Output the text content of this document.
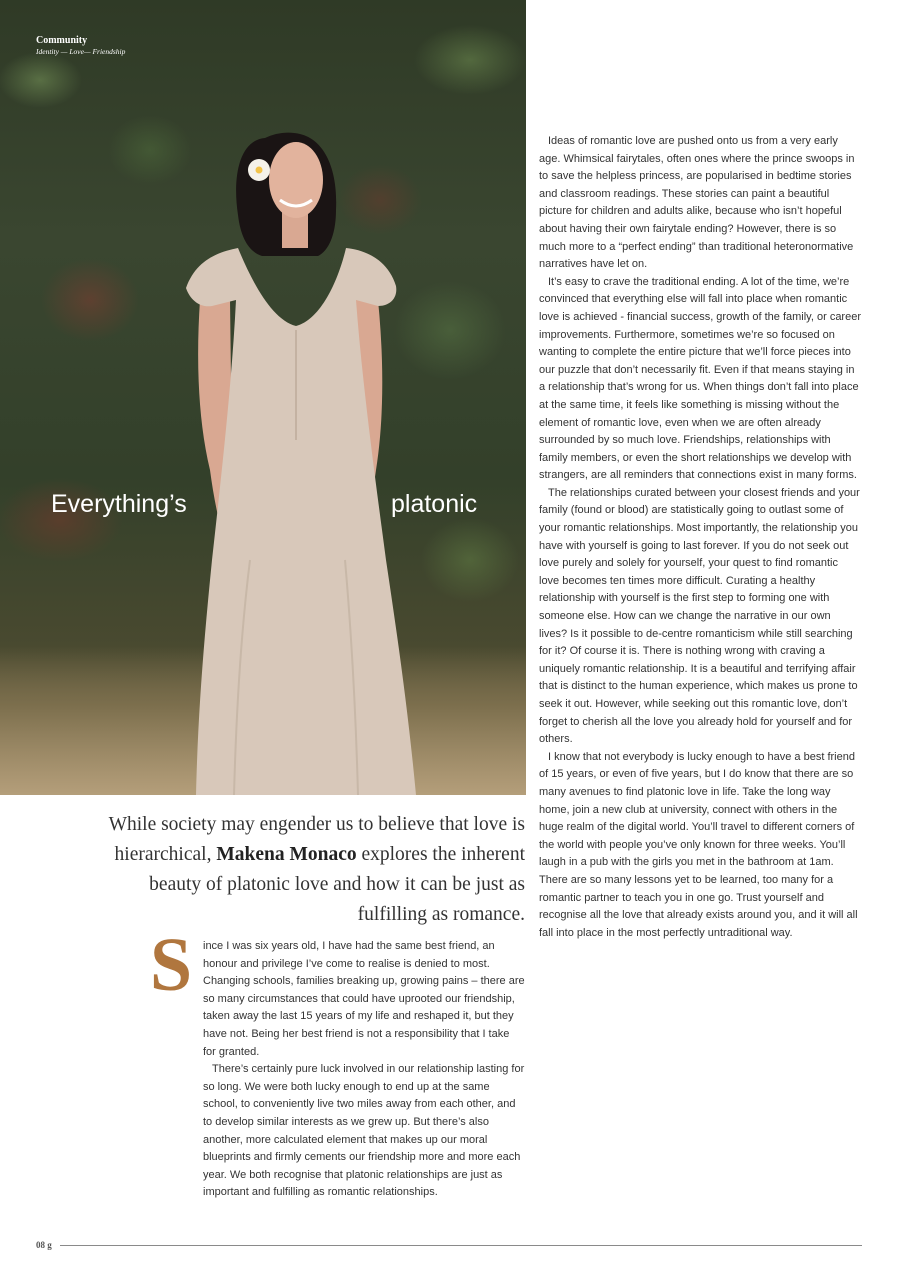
Community
Identity — Love— Friendship
Everything’s	platonic

While society may engender us to believe that love is hierarchical, Makena Monaco explores the inherent beauty of platonic love and how it can be just as fulfilling as romance.

S ince I was six years old, I have had the same best friend, an honour and privilege I’ve come to realise is denied to most. Changing schools, families breaking up, growing pains – there are so many circumstances that could have uprooted our friendship, taken away the last 15 years of my life and reshaped it, but they have not. Being her best friend is not a responsibility that I take for granted.

There’s certainly pure luck involved in our relationship lasting for so long. We were both lucky enough to end up at the same school, to conveniently live two miles away from each other, and to develop similar interests as we grew up. But there’s also another, more calculated element that makes up our moral blueprints and firmly cements our friendship more and more each year. We both recognise that platonic relationships are just as important and fulfilling as romantic relationships.

Ideas of romantic love are pushed onto us from a very early age. Whimsical fairytales, often ones where the prince swoops in to save the helpless princess, are popularised in bedtime stories and classroom readings. These stories can paint a beautiful picture for children and adults alike, because who isn’t hopeful about having their own fairytale ending? However, there is so much more to a “perfect ending” than traditional heteronormative narratives have let on.

It’s easy to crave the traditional ending. A lot of the time, we’re convinced that everything else will fall into place when romantic love is achieved - financial success, growth of the family, or career improvements. Furthermore, sometimes we’re so focused on wanting to complete the entire picture that we’ll force pieces into our puzzle that don’t necessarily fit. Even if that means staying in a relationship that’s wrong for us. When things don’t fall into place at the same time, it feels like something is missing without the element of romantic love, even when we are often already surrounded by so much love. Friendships, relationships with family members, or even the short relationships we develop with strangers, are all reminders that connections exist in many forms.

The relationships curated between your closest friends and your family (found or blood) are statistically going to outlast some of your romantic relationships. Most importantly, the relationship you have with yourself is going to last forever. If you do not seek out love purely and solely for yourself, your quest to find romantic love becomes ten times more difficult. Curating a healthy relationship with yourself is the first step to forming one with someone else. How can we change the narrative in our own lives? Is it possible to de-centre romanticism while still searching for it? Of course it is. There is nothing wrong with craving a uniquely romantic relationship. It is a beautiful and terrifying affair that is distinct to the human experience, which makes us prone to seek it out. However, while seeking out this romantic love, don’t forget to cherish all the love you already hold for yourself and for others.

I know that not everybody is lucky enough to have a best friend of 15 years, or even of five years, but I do know that there are so many avenues to find platonic love in life. Take the long way home, join a new club at university, connect with others in the huge realm of the digital world. You’ll travel to different corners of the world with people you’ve only known for three weeks. You’ll laugh in a pub with the girls you met in the bathroom at 1am. There are so many lessons yet to be learned, too many for a romantic partner to teach you in one go. Trust yourself and recognise all the love that already exists around you, and it will all fall into place in the most perfectly untraditional way.

08 g
